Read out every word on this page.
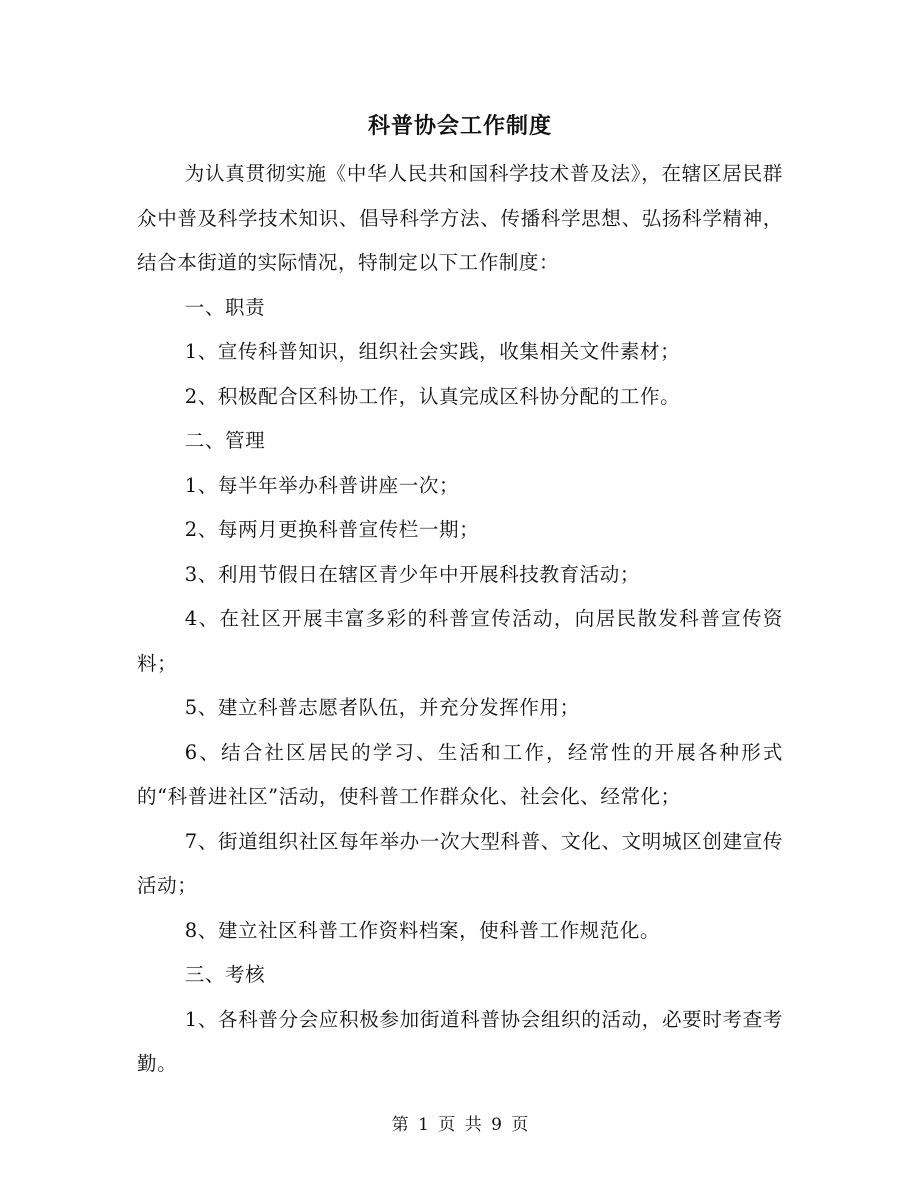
科普协会工作制度

为认真贯彻实施《中华人民共和国科学技术普及法》，在辖区居民群众中普及科学技术知识、倡导科学方法、传播科学思想、弘扬科学精神，结合本街道的实际情况，特制定以下工作制度：

一、职责

1、宣传科普知识，组织社会实践，收集相关文件素材；

2、积极配合区科协工作，认真完成区科协分配的工作。

二、管理

1、每半年举办科普讲座一次；

2、每两月更换科普宣传栏一期；

3、利用节假日在辖区青少年中开展科技教育活动；

4、在社区开展丰富多彩的科普宣传活动，向居民散发科普宣传资料；

5、建立科普志愿者队伍，并充分发挥作用；

6、结合社区居民的学习、生活和工作，经常性的开展各种形式的“科普进社区”活动，使科普工作群众化、社会化、经常化；

7、街道组织社区每年举办一次大型科普、文化、文明城区创建宣传活动；

8、建立社区科普工作资料档案，使科普工作规范化。

三、考核

1、各科普分会应积极参加街道科普协会组织的活动，必要时考查考勤。

第 1 页 共 9 页
